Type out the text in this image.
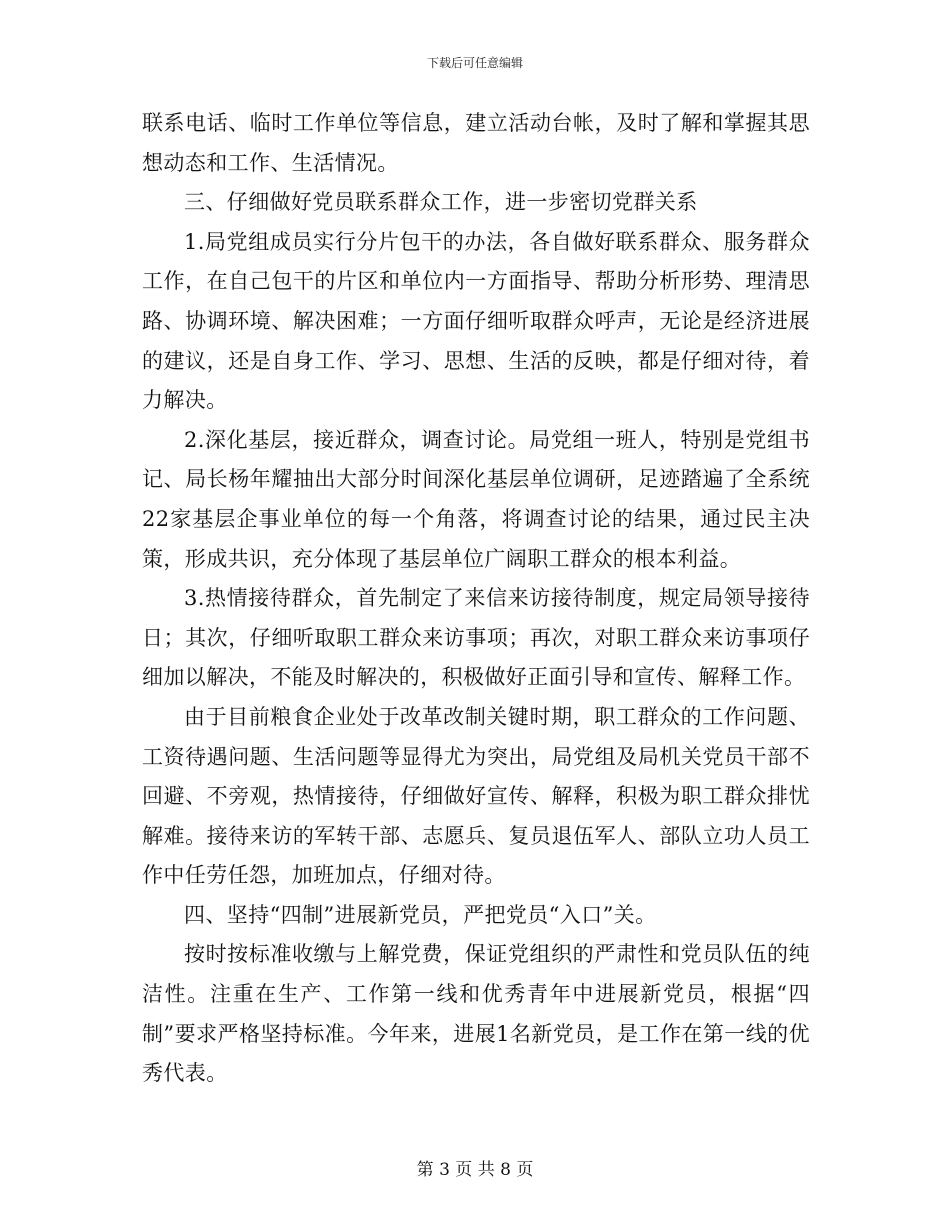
下载后可任意编辑

联系电话、临时工作单位等信息，建立活动台帐，及时了解和掌握其思想动态和工作、生活情况。

三、仔细做好党员联系群众工作，进一步密切党群关系

1.局党组成员实行分片包干的办法，各自做好联系群众、服务群众工作，在自己包干的片区和单位内一方面指导、帮助分析形势、理清思路、协调环境、解决困难；一方面仔细听取群众呼声，无论是经济进展的建议，还是自身工作、学习、思想、生活的反映，都是仔细对待，着力解决。

2.深化基层，接近群众，调查讨论。局党组一班人，特别是党组书记、局长杨年耀抽出大部分时间深化基层单位调研，足迹踏遍了全系统22家基层企事业单位的每一个角落，将调查讨论的结果，通过民主决策，形成共识，充分体现了基层单位广阔职工群众的根本利益。

3.热情接待群众，首先制定了来信来访接待制度，规定局领导接待日；其次，仔细听取职工群众来访事项；再次，对职工群众来访事项仔细加以解决，不能及时解决的，积极做好正面引导和宣传、解释工作。

由于目前粮食企业处于改革改制关键时期，职工群众的工作问题、工资待遇问题、生活问题等显得尤为突出，局党组及局机关党员干部不回避、不旁观，热情接待，仔细做好宣传、解释，积极为职工群众排忧解难。接待来访的军转干部、志愿兵、复员退伍军人、部队立功人员工作中任劳任怨，加班加点，仔细对待。

四、坚持“四制”进展新党员，严把党员“入口”关。

按时按标准收缴与上解党费，保证党组织的严肃性和党员队伍的纯洁性。注重在生产、工作第一线和优秀青年中进展新党员，根据“四制”要求严格坚持标准。今年来，进展1名新党员，是工作在第一线的优秀代表。

第 3 页 共 8 页
